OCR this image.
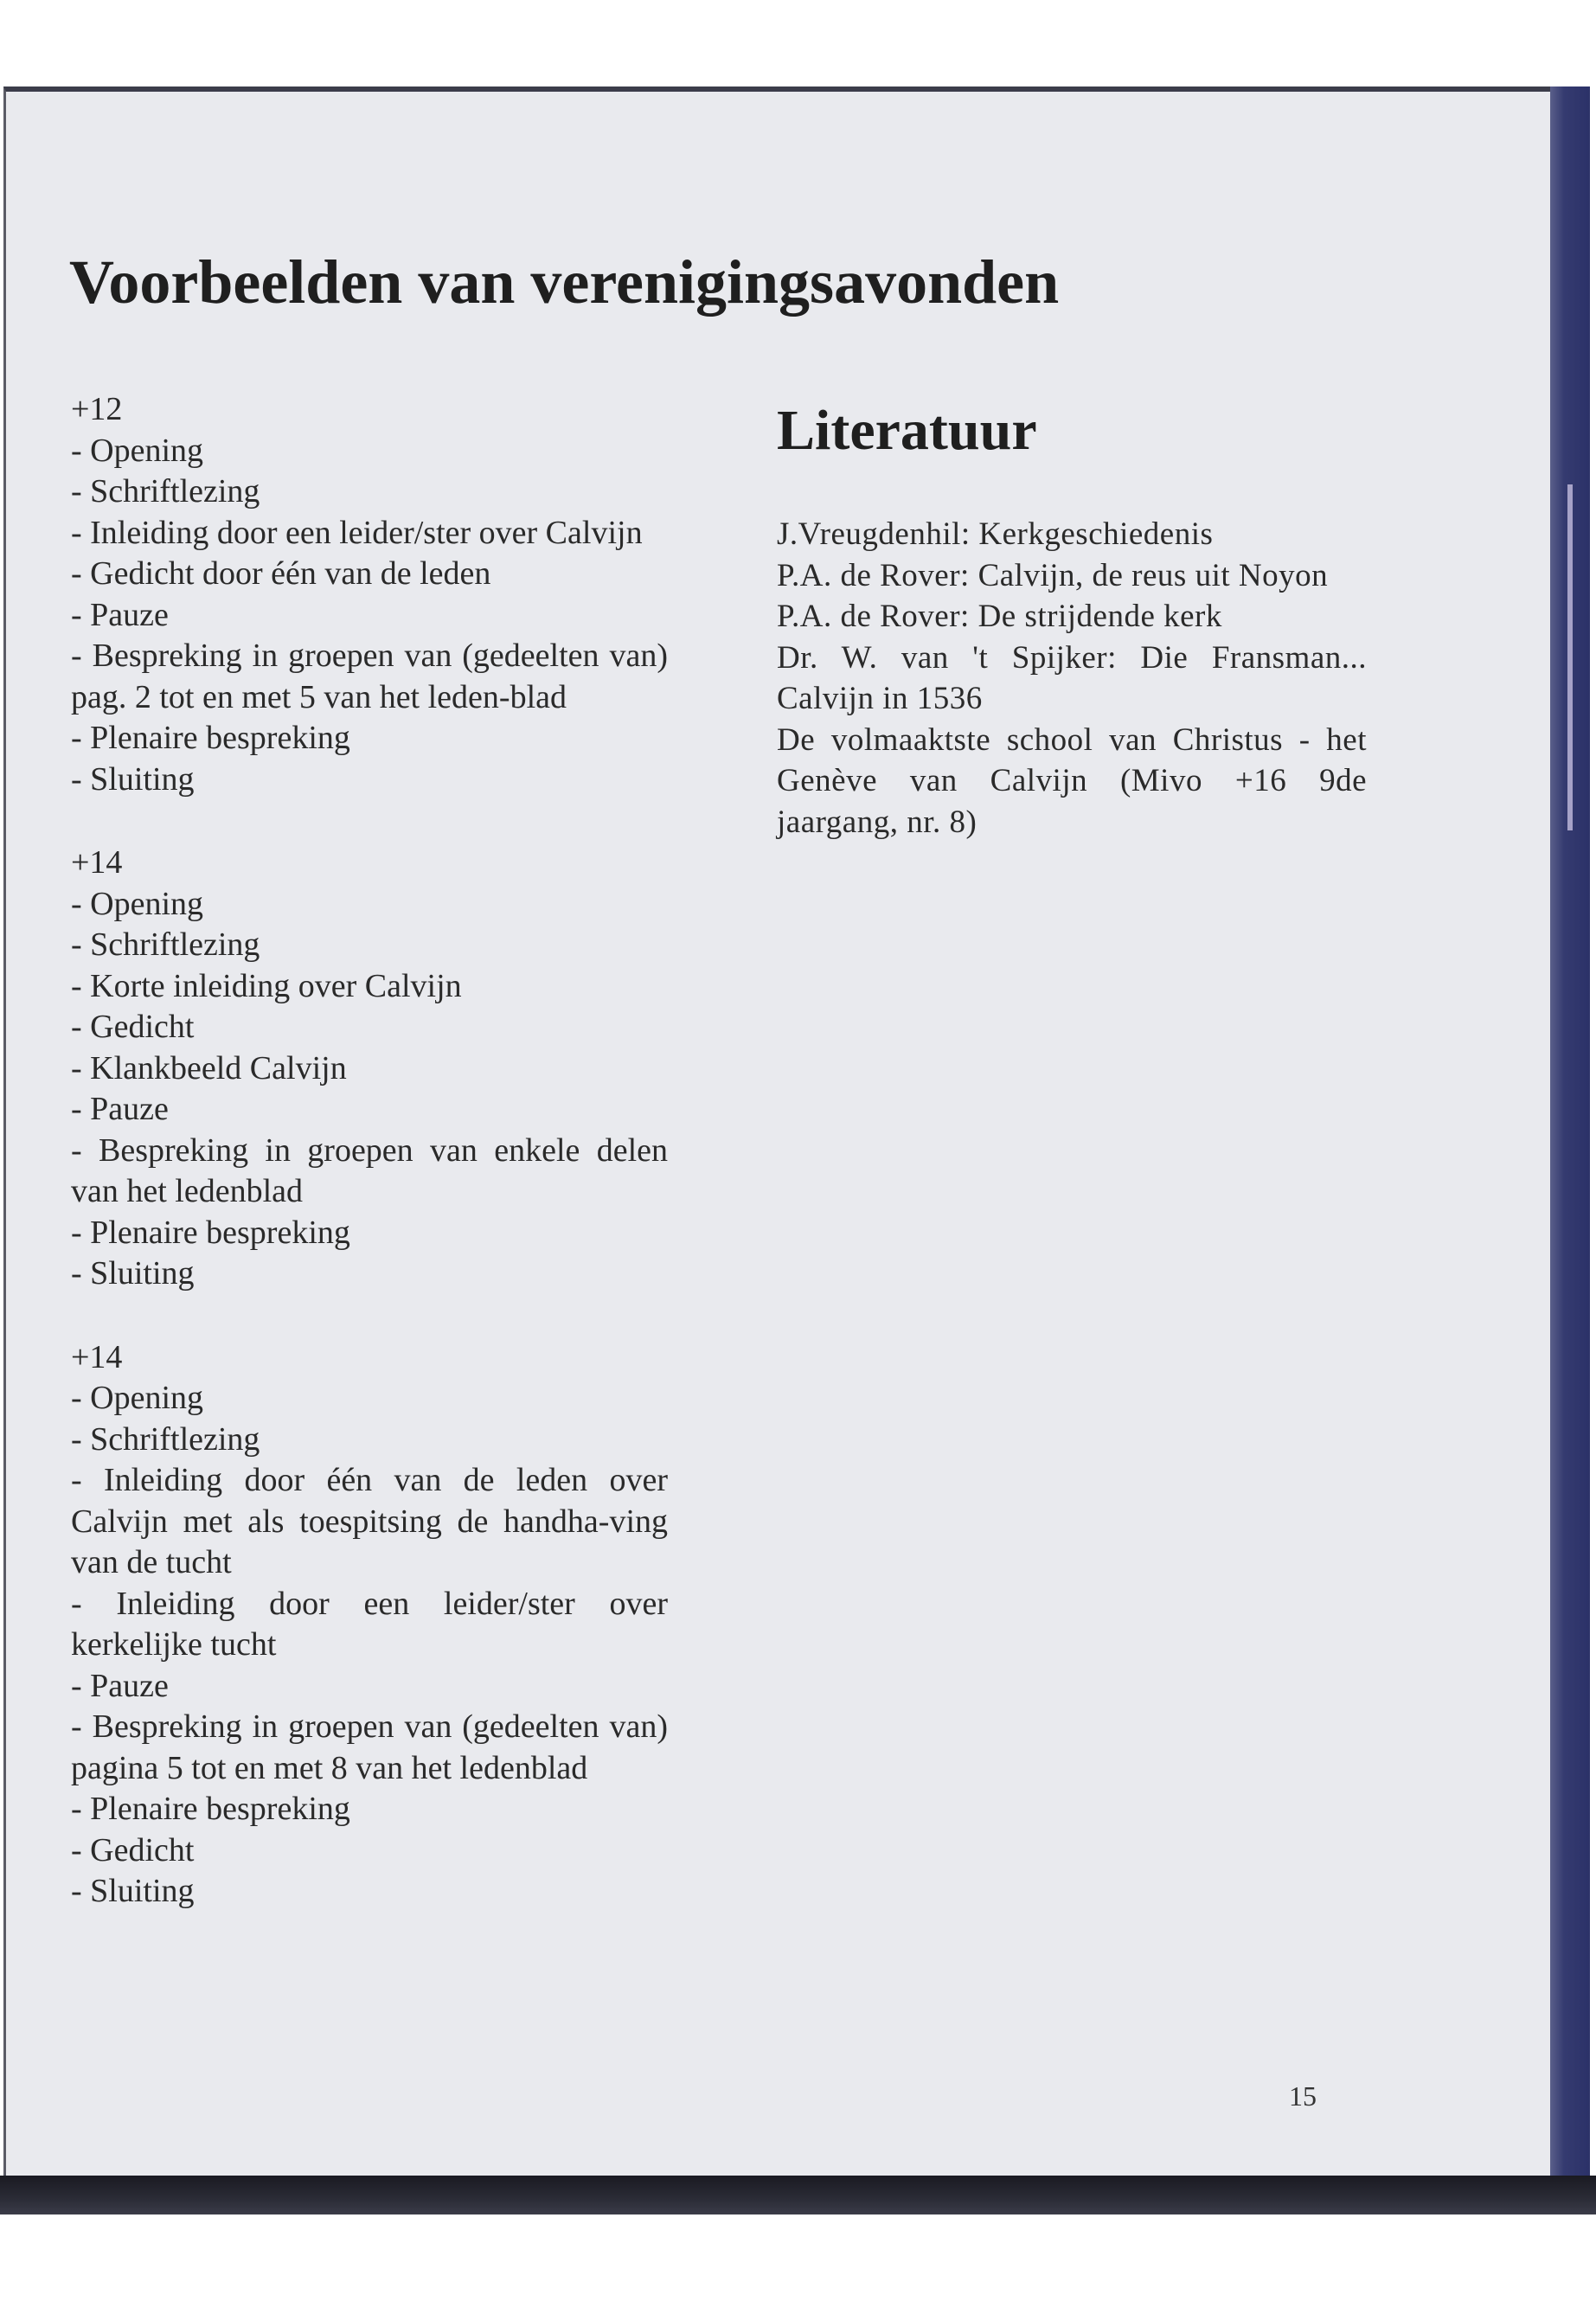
Voorbeelden van verenigingsavonden
+12
- Opening
- Schriftlezing
- Inleiding door een leider/ster over Calvijn
- Gedicht door één van de leden
- Pauze
- Bespreking in groepen van (gedeelten van) pag. 2 tot en met 5 van het leden-blad
- Plenaire bespreking
- Sluiting
+14
- Opening
- Schriftlezing
- Korte inleiding over Calvijn
- Gedicht
- Klankbeeld Calvijn
- Pauze
- Bespreking in groepen van enkele delen van het ledenblad
- Plenaire bespreking
- Sluiting
+14
- Opening
- Schriftlezing
- Inleiding door één van de leden over Calvijn met als toespitsing de handha-ving van de tucht
- Inleiding door een leider/ster over kerkelijke tucht
- Pauze
- Bespreking in groepen van (gedeelten van) pagina 5 tot en met 8 van het ledenblad
- Plenaire bespreking
- Gedicht
- Sluiting
Literatuur
J.Vreugdenhil: Kerkgeschiedenis
P.A. de Rover: Calvijn, de reus uit Noyon
P.A. de Rover: De strijdende kerk
Dr. W. van 't Spijker: Die Fransman... Calvijn in 1536
De volmaaktste school van Christus - het Genève van Calvijn (Mivo +16 9de jaargang, nr. 8)
15
